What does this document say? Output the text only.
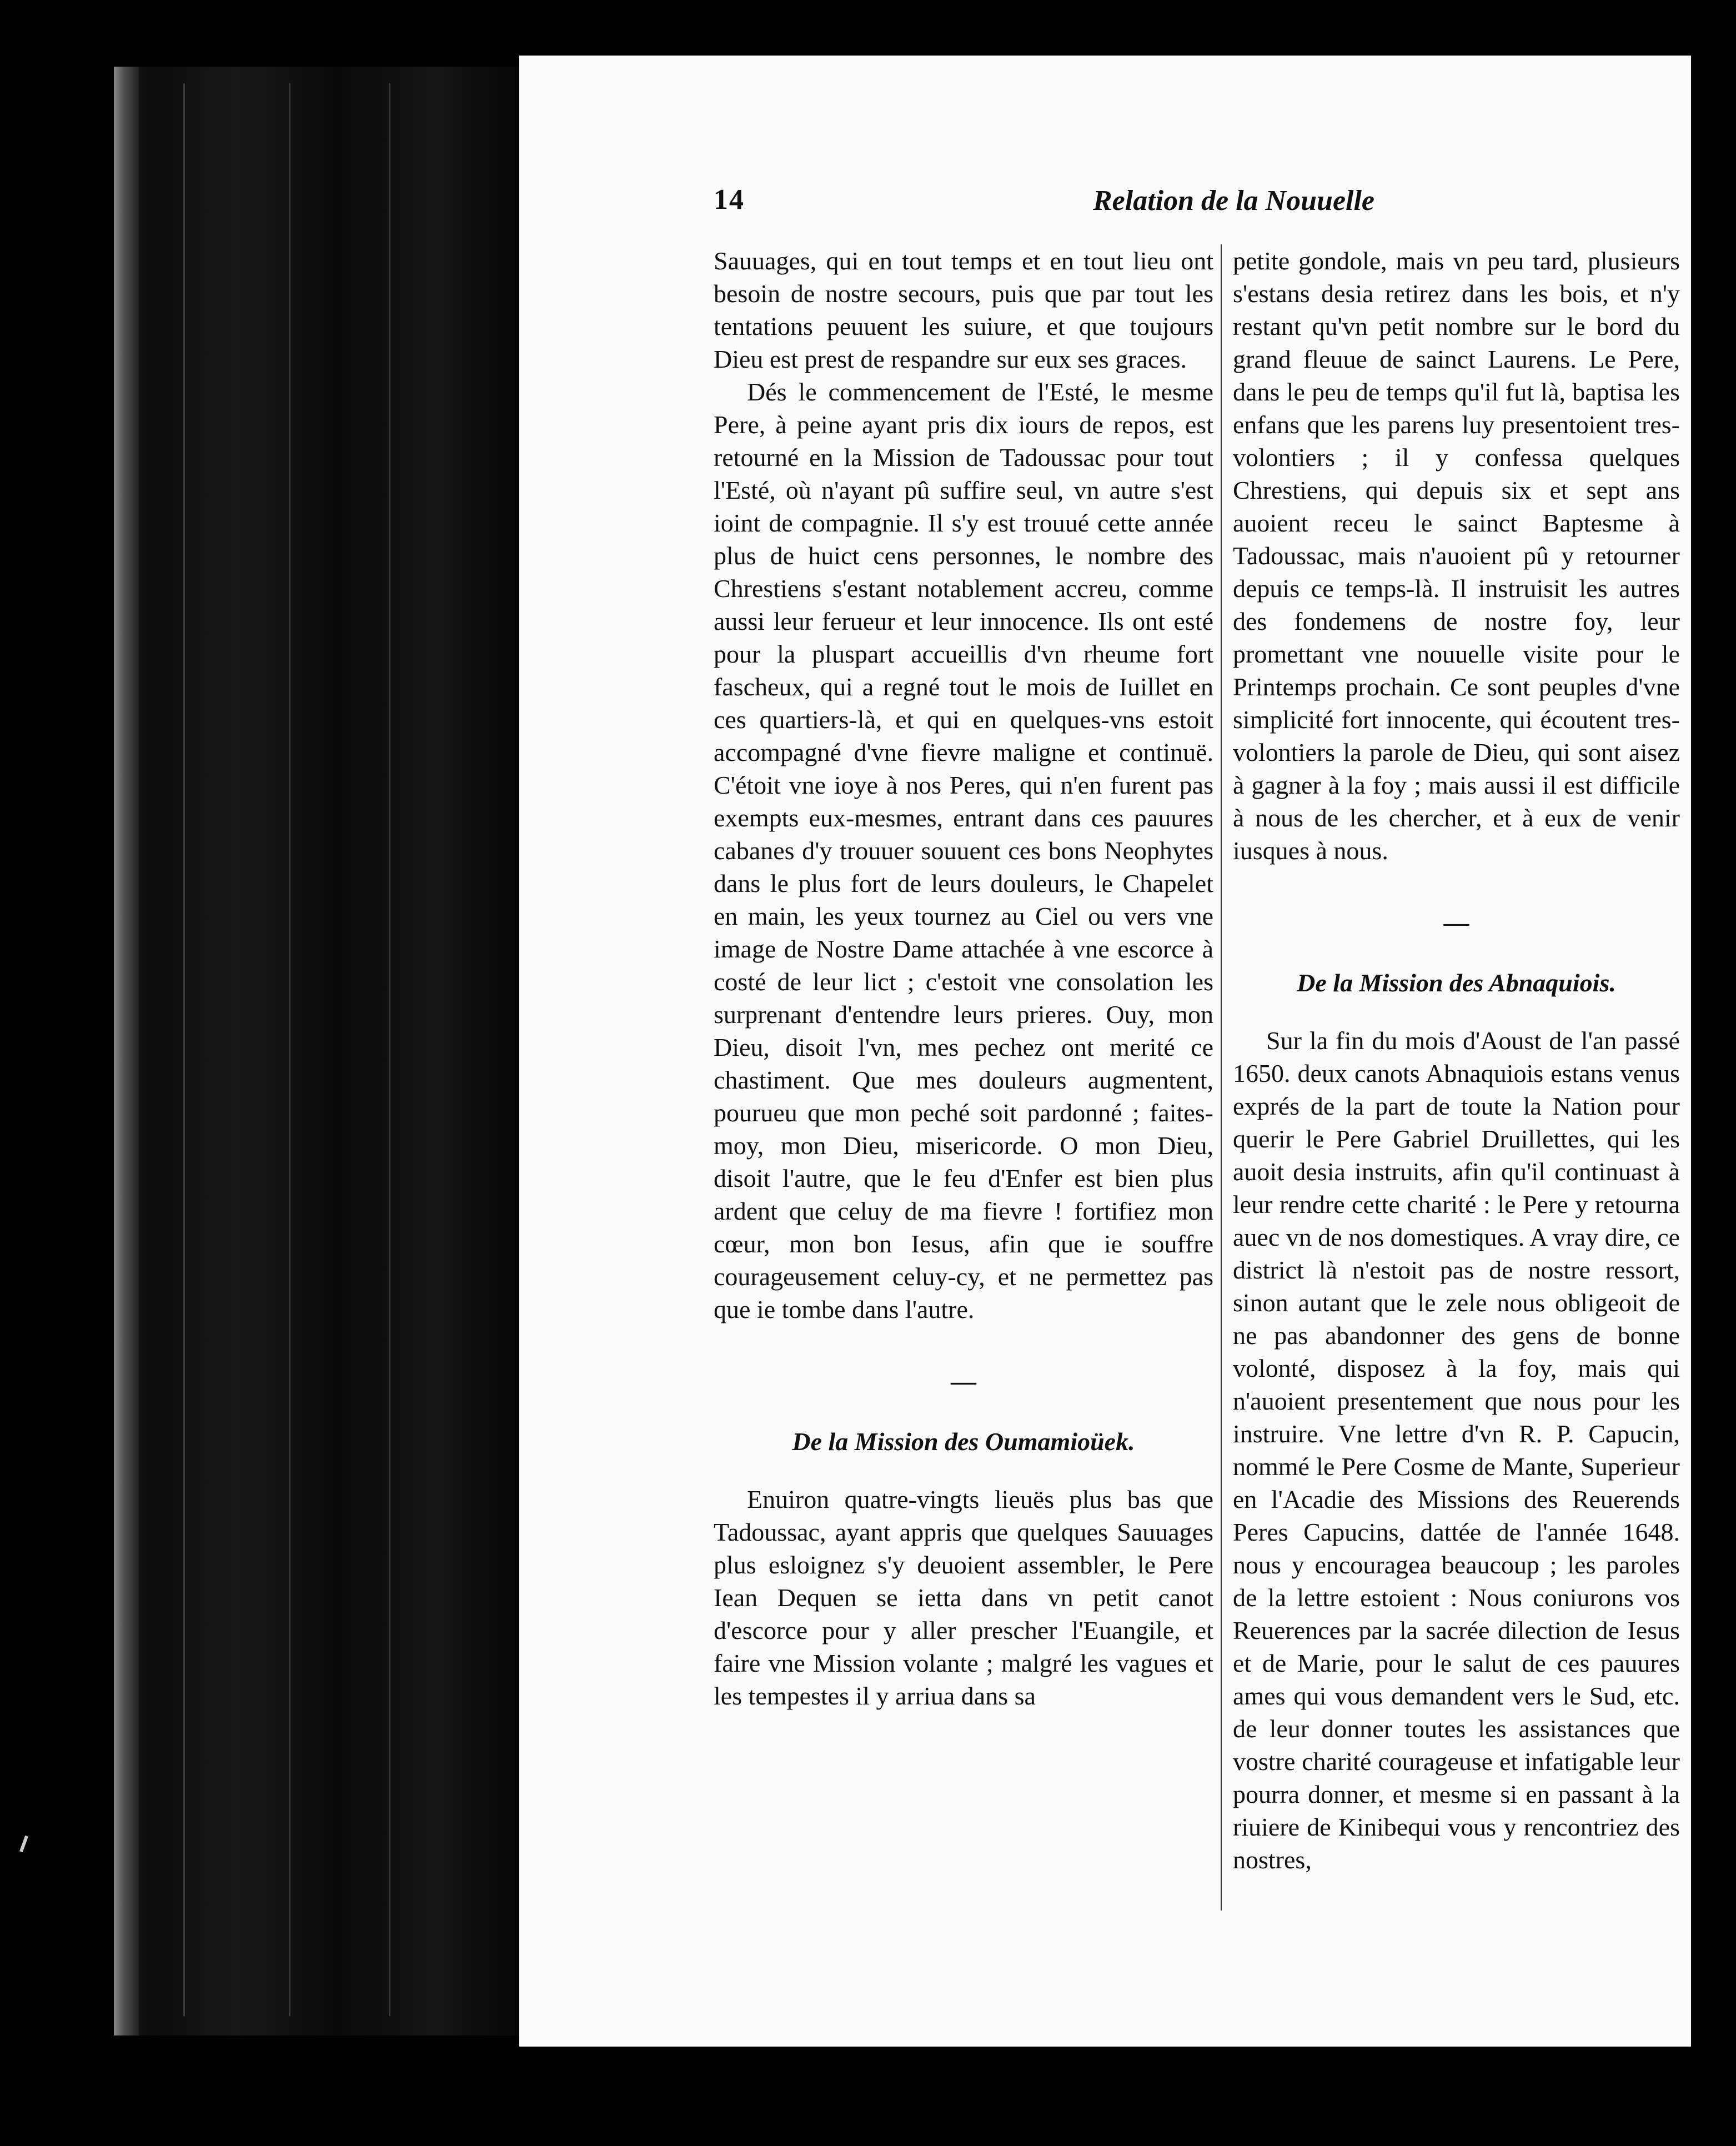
14	Relation de la Nouuelle

Sauuages, qui en tout temps et en tout lieu ont besoin de nostre secours, puis que par tout les tentations peuuent les suiure, et que toujours Dieu est prest de respandre sur eux ses graces.

Dés le commencement de l'Esté, le mesme Pere, à peine ayant pris dix iours de repos, est retourné en la Mission de Tadoussac pour tout l'Esté, où n'ayant pû suffire seul, vn autre s'est ioint de compagnie. Il s'y est trouué cette année plus de huict cens personnes, le nombre des Chrestiens s'estant notablement accreu, comme aussi leur ferueur et leur innocence. Ils ont esté pour la pluspart accueillis d'vn rheume fort fascheux, qui a regné tout le mois de Iuillet en ces quartiers-là, et qui en quelques-vns estoit accompagné d'vne fievre maligne et continuë. C'étoit vne ioye à nos Peres, qui n'en furent pas exempts eux-mesmes, entrant dans ces pauures cabanes d'y trouuer souuent ces bons Neophytes dans le plus fort de leurs douleurs, le Chapelet en main, les yeux tournez au Ciel ou vers vne image de Nostre Dame attachée à vne escorce à costé de leur lict ; c'estoit vne consolation les surprenant d'entendre leurs prieres. Ouy, mon Dieu, disoit l'vn, mes pechez ont merité ce chastiment. Que mes douleurs augmentent, pourueu que mon peché soit pardonné ; faites-moy, mon Dieu, misericorde. O mon Dieu, disoit l'autre, que le feu d'Enfer est bien plus ardent que celuy de ma fievre ! fortifiez mon cœur, mon bon Iesus, afin que ie souffre courageusement celuy-cy, et ne permettez pas que ie tombe dans l'autre.

—
De la Mission des Oumamioüek.

Enuiron quatre-vingts lieuës plus bas que Tadoussac, ayant appris que quelques Sauuages plus esloignez s'y deuoient assembler, le Pere Iean Dequen se ietta dans vn petit canot d'escorce pour y aller prescher l'Euangile, et faire vne Mission volante ; malgré les vagues et les tempestes il y arriua dans sa

petite gondole, mais vn peu tard, plusieurs s'estans desia retirez dans les bois, et n'y restant qu'vn petit nombre sur le bord du grand fleuue de sainct Laurens. Le Pere, dans le peu de temps qu'il fut là, baptisa les enfans que les parens luy presentoient tres-volontiers ; il y confessa quelques Chrestiens, qui depuis six et sept ans auoient receu le sainct Baptesme à Tadoussac, mais n'auoient pû y retourner depuis ce temps-là. Il instruisit les autres des fondemens de nostre foy, leur promettant vne nouuelle visite pour le Printemps prochain. Ce sont peuples d'vne simplicité fort innocente, qui écoutent tres-volontiers la parole de Dieu, qui sont aisez à gagner à la foy ; mais aussi il est difficile à nous de les chercher, et à eux de venir iusques à nous.

—
De la Mission des Abnaquiois.

Sur la fin du mois d'Aoust de l'an passé 1650. deux canots Abnaquiois estans venus exprés de la part de toute la Nation pour querir le Pere Gabriel Druillettes, qui les auoit desia instruits, afin qu'il continuast à leur rendre cette charité : le Pere y retourna auec vn de nos domestiques. A vray dire, ce district là n'estoit pas de nostre ressort, sinon autant que le zele nous obligeoit de ne pas abandonner des gens de bonne volonté, disposez à la foy, mais qui n'auoient presentement que nous pour les instruire. Vne lettre d'vn R. P. Capucin, nommé le Pere Cosme de Mante, Superieur en l'Acadie des Missions des Reuerends Peres Capucins, dattée de l'année 1648. nous y encouragea beaucoup ; les paroles de la lettre estoient : Nous coniurons vos Reuerences par la sacrée dilection de Iesus et de Marie, pour le salut de ces pauures ames qui vous demandent vers le Sud, etc. de leur donner toutes les assistances que vostre charité courageuse et infatigable leur pourra donner, et mesme si en passant à la riuiere de Kinibequi vous y rencontriez des nostres,
